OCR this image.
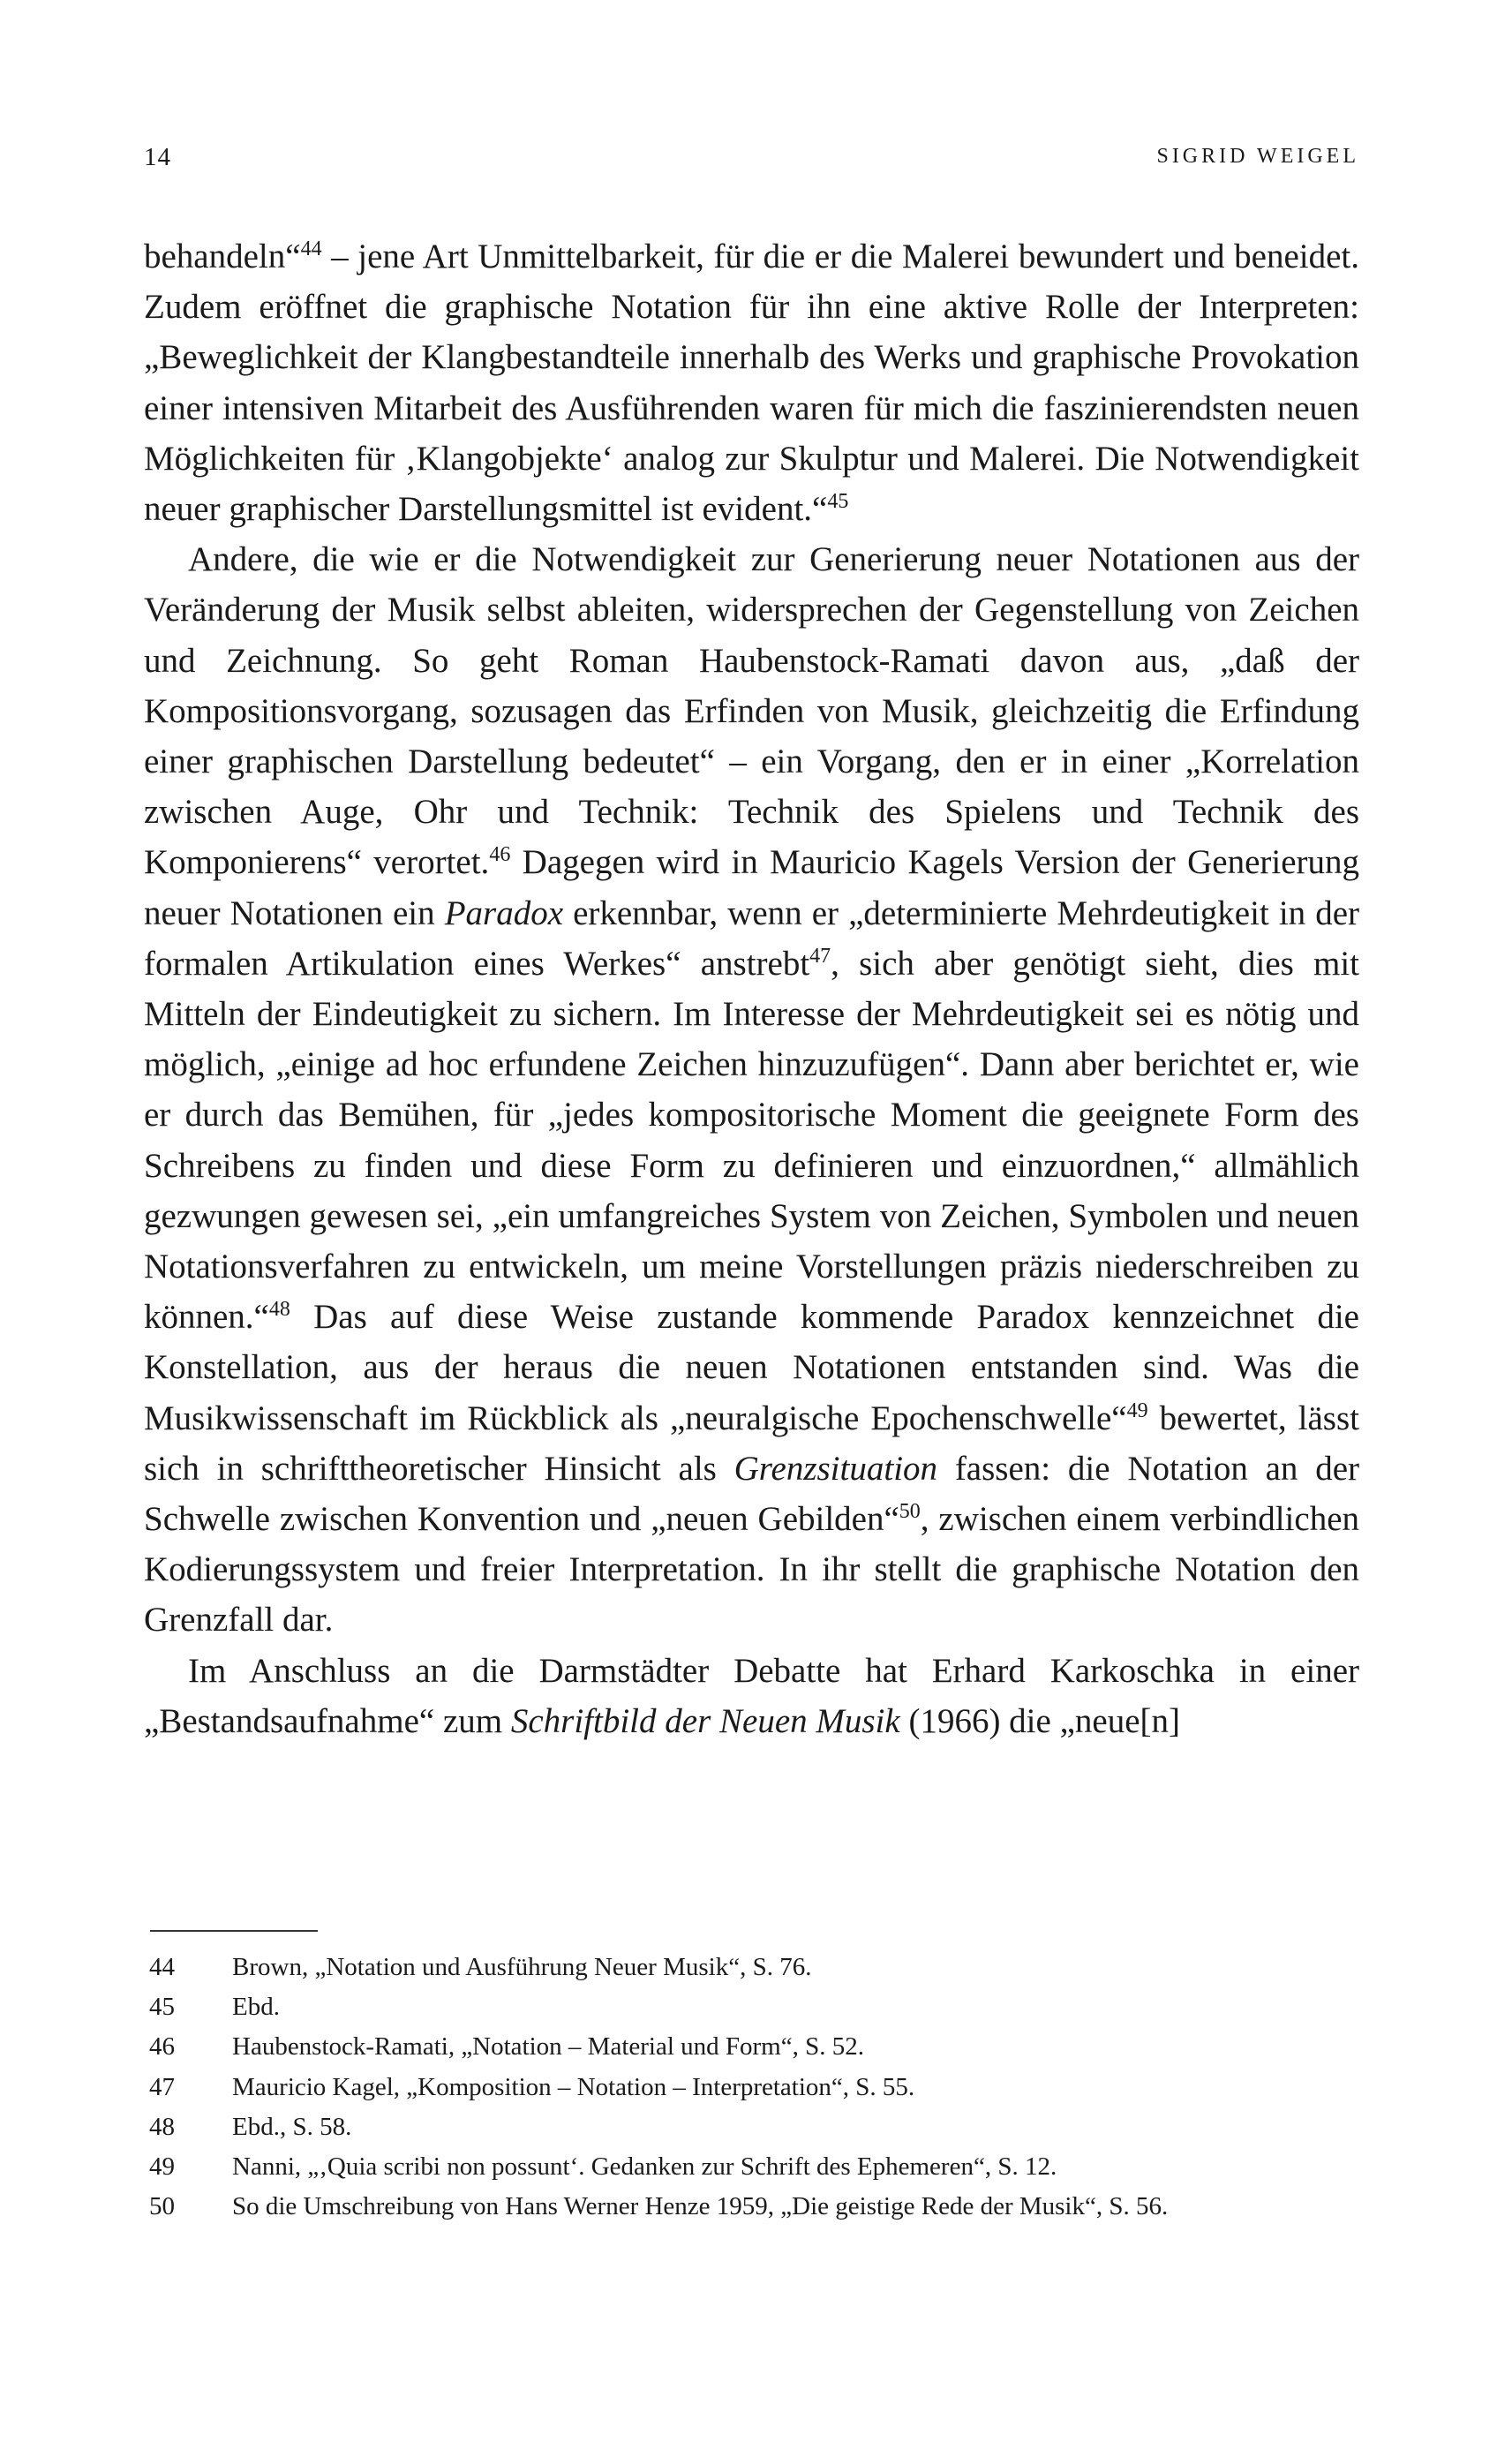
14	SIGRID WEIGEL

behandeln“$^{44}$ – jene Art Unmittelbarkeit, für die er die Malerei bewundert und beneidet. Zudem eröffnet die graphische Notation für ihn eine aktive Rolle der Interpreten: „Beweglichkeit der Klangbestandteile innerhalb des Werks und graphische Provokation einer intensiven Mitarbeit des Ausführenden waren für mich die faszinierendsten neuen Möglichkeiten für ‚Klangobjekte‘ analog zur Skulptur und Malerei. Die Notwendigkeit neuer graphischer Darstellungsmittel ist evident.“$^{45}$

Andere, die wie er die Notwendigkeit zur Generierung neuer Notationen aus der Veränderung der Musik selbst ableiten, widersprechen der Gegenstellung von Zeichen und Zeichnung. So geht Roman Haubenstock-Ramati davon aus, „daß der Kompositionsvorgang, sozusagen das Erfinden von Musik, gleichzeitig die Erfindung einer graphischen Darstellung bedeutet“ – ein Vorgang, den er in einer „Korrelation zwischen Auge, Ohr und Technik: Technik des Spielens und Technik des Komponierens“ verortet.$^{46}$ Dagegen wird in Mauricio Kagels Version der Generierung neuer Notationen ein Paradox erkennbar, wenn er „determinierte Mehrdeutigkeit in der formalen Artikulation eines Werkes“ anstrebt$^{47}$, sich aber genötigt sieht, dies mit Mitteln der Eindeutigkeit zu sichern. Im Interesse der Mehrdeutigkeit sei es nötig und möglich, „einige ad hoc erfundene Zeichen hinzuzufügen“. Dann aber berichtet er, wie er durch das Bemühen, für „jedes kompositorische Moment die geeignete Form des Schreibens zu finden und diese Form zu definieren und einzuordnen,“ allmählich gezwungen gewesen sei, „ein umfangreiches System von Zeichen, Symbolen und neuen Notationsverfahren zu entwickeln, um meine Vorstellungen präzis niederschreiben zu können.“$^{48}$ Das auf diese Weise zustande kommende Paradox kennzeichnet die Konstellation, aus der heraus die neuen Notationen entstanden sind. Was die Musikwissenschaft im Rückblick als „neuralgische Epochenschwelle“$^{49}$ bewertet, lässt sich in schrifttheoretischer Hinsicht als Grenzsituation fassen: die Notation an der Schwelle zwischen Konvention und „neuen Gebilden“$^{50}$, zwischen einem verbindlichen Kodierungssystem und freier Interpretation. In ihr stellt die graphische Notation den Grenzfall dar.

Im Anschluss an die Darmstädter Debatte hat Erhard Karkoschka in einer „Bestandsaufnahme“ zum Schriftbild der Neuen Musik (1966) die „neue[n]

44 Brown, „Notation und Ausführung Neuer Musik“, S. 76.
45 Ebd.
46 Haubenstock-Ramati, „Notation – Material und Form“, S. 52.
47 Mauricio Kagel, „Komposition – Notation – Interpretation“, S. 55.
48 Ebd., S. 58.
49 Nanni, „‚Quia scribi non possunt‘. Gedanken zur Schrift des Ephemeren“, S. 12.
50 So die Umschreibung von Hans Werner Henze 1959, „Die geistige Rede der Musik“, S. 56.
